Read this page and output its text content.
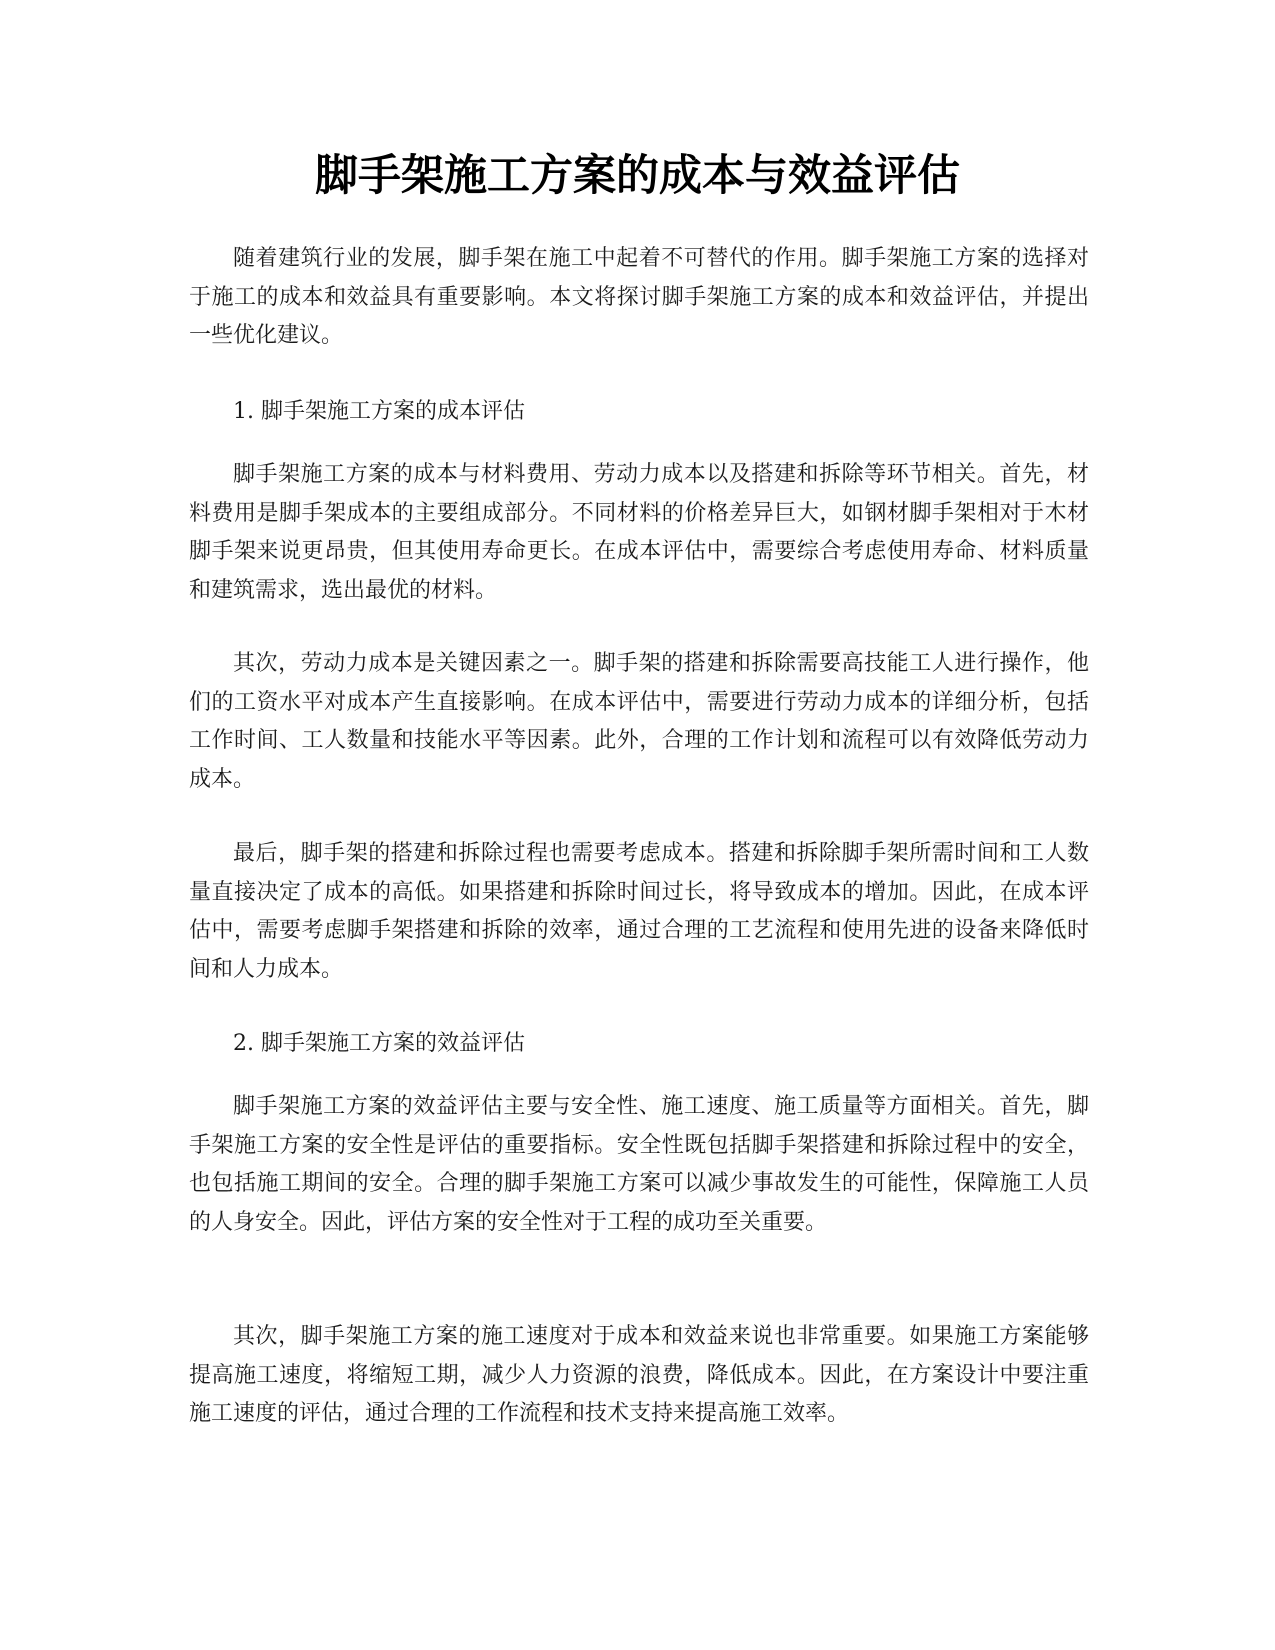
脚手架施工方案的成本与效益评估

随着建筑行业的发展，脚手架在施工中起着不可替代的作用。脚手架施工方案的选择对于施工的成本和效益具有重要影响。本文将探讨脚手架施工方案的成本和效益评估，并提出一些优化建议。

1. 脚手架施工方案的成本评估

脚手架施工方案的成本与材料费用、劳动力成本以及搭建和拆除等环节相关。首先，材料费用是脚手架成本的主要组成部分。不同材料的价格差异巨大，如钢材脚手架相对于木材脚手架来说更昂贵，但其使用寿命更长。在成本评估中，需要综合考虑使用寿命、材料质量和建筑需求，选出最优的材料。

其次，劳动力成本是关键因素之一。脚手架的搭建和拆除需要高技能工人进行操作，他们的工资水平对成本产生直接影响。在成本评估中，需要进行劳动力成本的详细分析，包括工作时间、工人数量和技能水平等因素。此外，合理的工作计划和流程可以有效降低劳动力成本。

最后，脚手架的搭建和拆除过程也需要考虑成本。搭建和拆除脚手架所需时间和工人数量直接决定了成本的高低。如果搭建和拆除时间过长，将导致成本的增加。因此，在成本评估中，需要考虑脚手架搭建和拆除的效率，通过合理的工艺流程和使用先进的设备来降低时间和人力成本。

2. 脚手架施工方案的效益评估

脚手架施工方案的效益评估主要与安全性、施工速度、施工质量等方面相关。首先，脚手架施工方案的安全性是评估的重要指标。安全性既包括脚手架搭建和拆除过程中的安全，也包括施工期间的安全。合理的脚手架施工方案可以减少事故发生的可能性，保障施工人员的人身安全。因此，评估方案的安全性对于工程的成功至关重要。

其次，脚手架施工方案的施工速度对于成本和效益来说也非常重要。如果施工方案能够提高施工速度，将缩短工期，减少人力资源的浪费，降低成本。因此，在方案设计中要注重施工速度的评估，通过合理的工作流程和技术支持来提高施工效率。
